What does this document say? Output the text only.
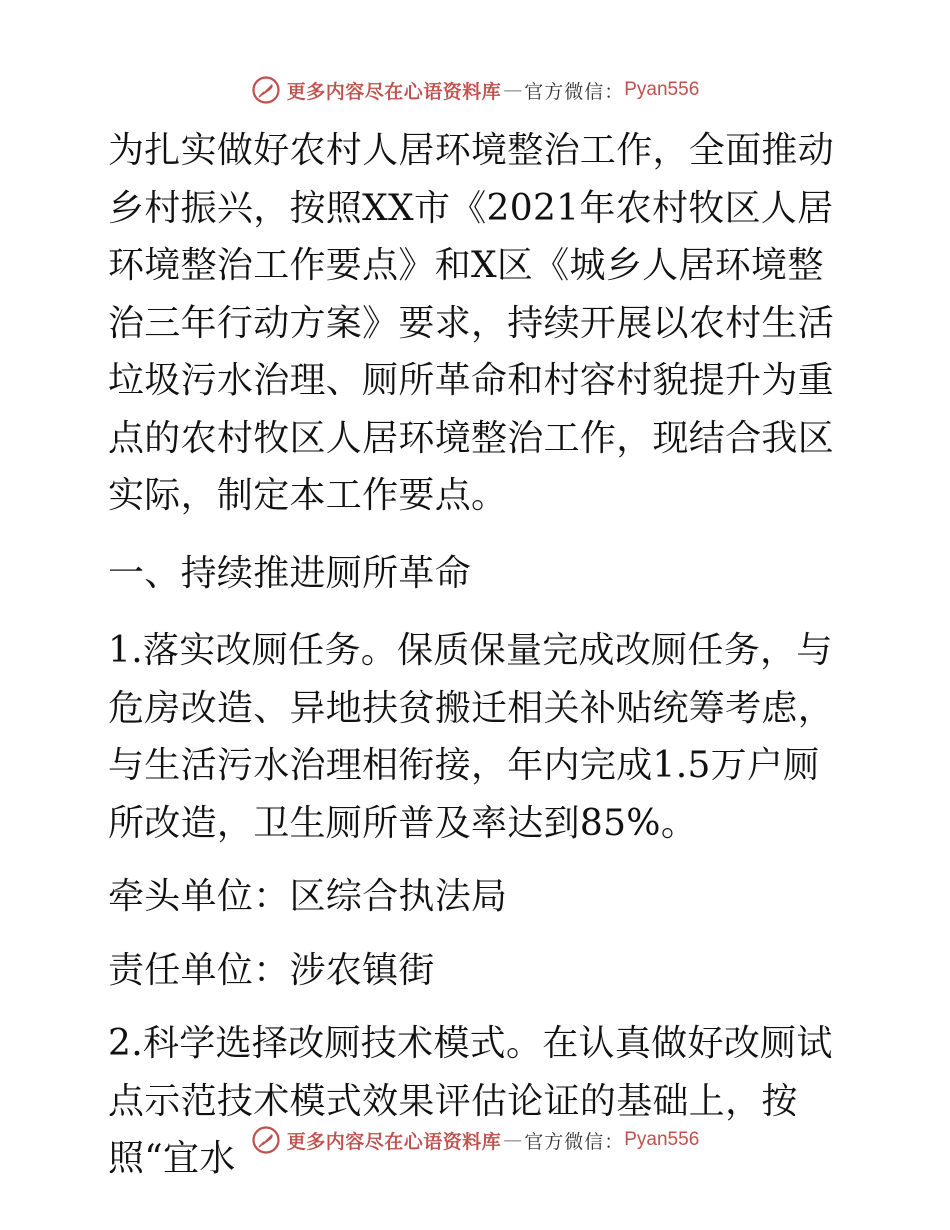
更多内容尽在心语资料库 — 官方微信： Pyan556

为扎实做好农村人居环境整治工作，全面推动乡村振兴，按照XX市《2021年农村牧区人居环境整治工作要点》和X区《城乡人居环境整治三年行动方案》要求，持续开展以农村生活垃圾污水治理、厕所革命和村容村貌提升为重点的农村牧区人居环境整治工作，现结合我区实际，制定本工作要点。

一、持续推进厕所革命

1.落实改厕任务。保质保量完成改厕任务，与危房改造、异地扶贫搬迁相关补贴统筹考虑，与生活污水治理相衔接，年内完成1.5万户厕所改造，卫生厕所普及率达到85%。

牵头单位：区综合执法局

责任单位：涉农镇街

2.科学选择改厕技术模式。在认真做好改厕试点示范技术模式效果评估论证的基础上，按照“宜水	更多内容尽在心语资料库 — 官方微信： Pyan556
